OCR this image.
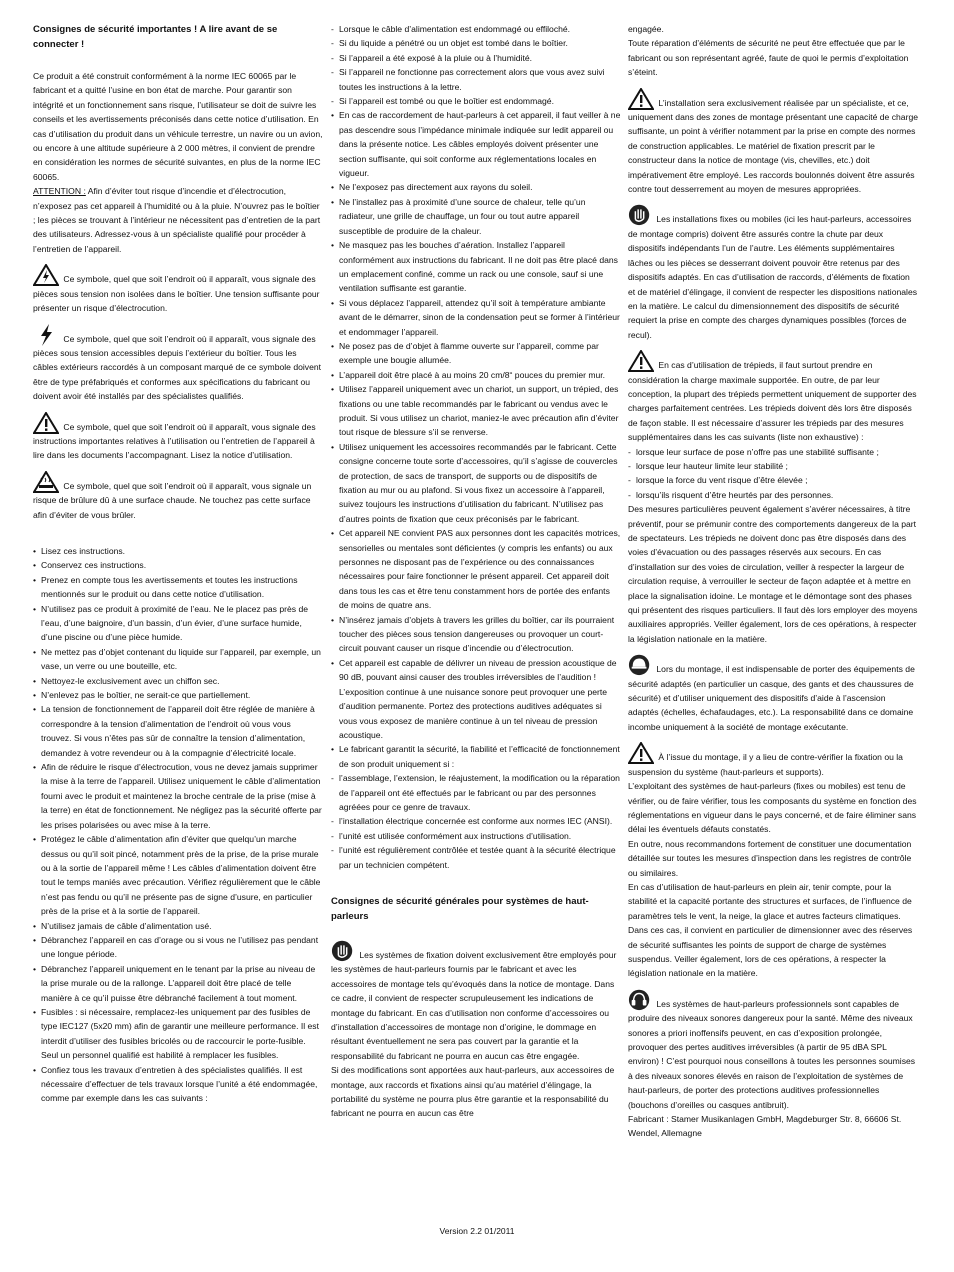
Consignes de sécurité importantes ! A lire avant de se connecter !

Ce produit a été construit conformément à la norme IEC 60065 par le fabricant et a quitté l’usine en bon état de marche. Pour garantir son intégrité et un fonctionnement sans risque, l’utilisateur se doit de suivre les conseils et les avertissements préconisés dans cette notice d’utilisation. En cas d’utilisation du produit dans un véhicule terrestre, un navire ou un avion, ou encore à une altitude supérieure à 2 000 mètres, il convient de prendre en considération les normes de sécurité suivantes, en plus de la norme IEC 60065.

ATTENTION : Afin d’éviter tout risque d’incendie et d’électrocution, n’exposez pas cet appareil à l’humidité ou à la pluie. N’ouvrez pas le boîtier ; les pièces se trouvant à l’intérieur ne nécessitent pas d’entretien de la part des utilisateurs. Adressez-vous à un spécialiste qualifié pour procéder à l’entretien de l’appareil.

Ce symbole, quel que soit l’endroit où il apparaît, vous signale des pièces sous tension non isolées dans le boîtier. Une tension suffisante pour présenter un risque d’électrocution.

Ce symbole, quel que soit l’endroit où il apparaît, vous signale des pièces sous tension accessibles depuis l’extérieur du boîtier. Tous les câbles extérieurs raccordés à un composant marqué de ce symbole doivent être de type préfabriqués et conformes aux spécifications du fabricant ou doivent avoir été installés par des spécialistes qualifiés.

Ce symbole, quel que soit l’endroit où il apparaît, vous signale des instructions importantes relatives à l’utilisation ou l’entretien de l’appareil à lire dans les documents l’accompagnant. Lisez la notice d’utilisation.

Ce symbole, quel que soit l’endroit où il apparaît, vous signale un risque de brûlure dû à une surface chaude. Ne touchez pas cette surface afin d’éviter de vous brûler.

• Lisez ces instructions.
• Conservez ces instructions.
• Prenez en compte tous les avertissements et toutes les instructions mentionnés sur le produit ou dans cette notice d’utilisation.
• N’utilisez pas ce produit à proximité de l’eau. Ne le placez pas près de l’eau, d’une baignoire, d’un bassin, d’un évier, d’une surface humide, d’une piscine ou d’une pièce humide.
• Ne mettez pas d’objet contenant du liquide sur l’appareil, par exemple, un vase, un verre ou une bouteille, etc.
• Nettoyez-le exclusivement avec un chiffon sec.
• N’enlevez pas le boîtier, ne serait-ce que partiellement.
• La tension de fonctionnement de l’appareil doit être réglée de manière à correspondre à la tension d’alimentation de l’endroit où vous vous trouvez. Si vous n’êtes pas sûr de connaître la tension d’alimentation, demandez à votre revendeur ou à la compagnie d’électricité locale.
• Afin de réduire le risque d’électrocution, vous ne devez jamais supprimer la mise à la terre de l’appareil. Utilisez uniquement le câble d’alimentation fourni avec le produit et maintenez la broche centrale de la prise (mise à la terre) en état de fonctionnement. Ne négligez pas la sécurité offerte par les prises polarisées ou avec mise à la terre.
• Protégez le câble d’alimentation afin d’éviter que quelqu’un marche dessus ou qu’il soit pincé, notamment près de la prise, de la prise murale ou à la sortie de l’appareil même ! Les câbles d’alimentation doivent être tout le temps maniés avec précaution. Vérifiez régulièrement que le câble n’est pas fendu ou qu’il ne présente pas de signe d’usure, en particulier près de la prise et à la sortie de l’appareil.
• N’utilisez jamais de câble d’alimentation usé.
• Débranchez l’appareil en cas d’orage ou si vous ne l’utilisez pas pendant une longue période.
• Débranchez l’appareil uniquement en le tenant par la prise au niveau de la prise murale ou de la rallonge. L’appareil doit être placé de telle manière à ce qu’il puisse être débranché facilement à tout moment.
• Fusibles : si nécessaire, remplacez-les uniquement par des fusibles de type IEC127 (5x20 mm) afin de garantir une meilleure performance. Il est interdit d’utiliser des fusibles bricolés ou de raccourcir le porte-fusible. Seul un personnel qualifié est habilité à remplacer les fusibles.
• Confiez tous les travaux d’entretien à des spécialistes qualifiés. Il est nécessaire d’effectuer de tels travaux lorsque l’unité a été endommagée, comme par exemple dans les cas suivants :
- Lorsque le câble d’alimentation est endommagé ou effiloché.
- Si du liquide a pénétré ou un objet est tombé dans le boîtier.
- Si l’appareil a été exposé à la pluie ou à l’humidité.
- Si l’appareil ne fonctionne pas correctement alors que vous avez suivi toutes les instructions à la lettre.
- Si l’appareil est tombé ou que le boîtier est endommagé.
• En cas de raccordement de haut-parleurs à cet appareil, il faut veiller à ne pas descendre sous l’impédance minimale indiquée sur ledit appareil ou dans la présente notice. Les câbles employés doivent présenter une section suffisante, qui soit conforme aux réglementations locales en vigueur.
• Ne l’exposez pas directement aux rayons du soleil.
• Ne l’installez pas à proximité d’une source de chaleur, telle qu’un radiateur, une grille de chauffage, un four ou tout autre appareil susceptible de produire de la chaleur.
• Ne masquez pas les bouches d’aération. Installez l’appareil conformément aux instructions du fabricant. Il ne doit pas être placé dans un emplacement confiné, comme un rack ou une console, sauf si une ventilation suffisante est garantie.
• Si vous déplacez l’appareil, attendez qu’il soit à température ambiante avant de le démarrer, sinon de la condensation peut se former à l’intérieur et endommager l’appareil.
• Ne posez pas de d’objet à flamme ouverte sur l’appareil, comme par exemple une bougie allumée.
• L’appareil doit être placé à au moins 20 cm/8“ pouces du premier mur.
• Utilisez l’appareil uniquement avec un chariot, un support, un trépied, des fixations ou une table recommandés par le fabricant ou vendus avec le produit. Si vous utilisez un chariot, maniez-le avec précaution afin d’éviter tout risque de blessure s’il se renverse.
• Utilisez uniquement les accessoires recommandés par le fabricant. Cette consigne concerne toute sorte d’accessoires, qu’il s’agisse de couvercles de protection, de sacs de transport, de supports ou de dispositifs de fixation au mur ou au plafond. Si vous fixez un accessoire à l’appareil, suivez toujours les instructions d’utilisation du fabricant. N’utilisez pas d’autres points de fixation que ceux préconisés par le fabricant.
• Cet appareil NE convient PAS aux personnes dont les capacités motrices, sensorielles ou mentales sont déficientes (y compris les enfants) ou aux personnes ne disposant pas de l’expérience ou des connaissances nécessaires pour faire fonctionner le présent appareil. Cet appareil doit dans tous les cas et être tenu constamment hors de portée des enfants de moins de quatre ans.
• N’insérez jamais d’objets à travers les grilles du boîtier, car ils pourraient toucher des pièces sous tension dangereuses ou provoquer un court-circuit pouvant causer un risque d’incendie ou d’électrocution.
• Cet appareil est capable de délivrer un niveau de pression acoustique de 90 dB, pouvant ainsi causer des troubles irréversibles de l’audition ! L’exposition continue à une nuisance sonore peut provoquer une perte d’audition permanente. Portez des protections auditives adéquates si vous vous exposez de manière continue à un tel niveau de pression acoustique.
• Le fabricant garantit la sécurité, la fiabilité et l’efficacité de fonctionnement de son produit uniquement si :
- l’assemblage, l’extension, le réajustement, la modification ou la réparation de l’appareil ont été effectués par le fabricant ou par des personnes agréées pour ce genre de travaux.
- l’installation électrique concernée est conforme aux normes IEC (ANSI).
- l’unité est utilisée conformément aux instructions d’utilisation.
- l’unité est régulièrement contrôlée et testée quant à la sécurité électrique par un technicien compétent.
Consignes de sécurité générales pour systèmes de haut-parleurs

Les systèmes de fixation doivent exclusivement être employés pour les systèmes de haut-parleurs fournis par le fabricant et avec les accessoires de montage tels qu’évoqués dans la notice de montage. Dans ce cadre, il convient de respecter scrupuleusement les indications de montage du fabricant. En cas d’utilisation non conforme d’accessoires ou d’installation d’accessoires de montage non d’origine, le dommage en résultant éventuellement ne sera pas couvert par la garantie et la responsabilité du fabricant ne pourra en aucun cas être engagée.

Si des modifications sont apportées aux haut-parleurs, aux accessoires de montage, aux raccords et fixations ainsi qu’au matériel d’élingage, la portabilité du système ne pourra plus être garantie et la responsabilité du fabricant ne pourra en aucun cas être

engagée.

Toute réparation d’éléments de sécurité ne peut être effectuée que par le fabricant ou son représentant agréé, faute de quoi le permis d’exploitation s’éteint.

L’installation sera exclusivement réalisée par un spécialiste, et ce, uniquement dans des zones de montage présentant une capacité de charge suffisante, un point à vérifier notamment par la prise en compte des normes de construction applicables. Le matériel de fixation prescrit par le constructeur dans la notice de montage (vis, chevilles, etc.) doit impérativement être employé. Les raccords boulonnés doivent être assurés contre tout desserrement au moyen de mesures appropriées.

Les installations fixes ou mobiles (ici les haut-parleurs, accessoires de montage compris) doivent être assurés contre la chute par deux dispositifs indépendants l’un de l’autre. Les éléments supplémentaires lâches ou les pièces se desserrant doivent pouvoir être retenus par des dispositifs adaptés. En cas d’utilisation de raccords, d’éléments de fixation et de matériel d’élingage, il convient de respecter les dispositions nationales en la matière. Le calcul du dimensionnement des dispositifs de sécurité requiert la prise en compte des charges dynamiques possibles (forces de recul).

En cas d’utilisation de trépieds, il faut surtout prendre en considération la charge maximale supportée. En outre, de par leur conception, la plupart des trépieds permettent uniquement de supporter des charges parfaitement centrées. Les trépieds doivent dès lors être disposés de façon stable. Il est nécessaire d’assurer les trépieds par des mesures supplémentaires dans les cas suivants (liste non exhaustive) :

- lorsque leur surface de pose n’offre pas une stabilité suffisante ;
- lorsque leur hauteur limite leur stabilité ;
- lorsque la force du vent risque d’être élevée ;
- lorsqu’ils risquent d’être heurtés par des personnes.

Des mesures particulières peuvent également s’avérer nécessaires, à titre préventif, pour se prémunir contre des comportements dangereux de la part de spectateurs. Les trépieds ne doivent donc pas être disposés dans des voies d’évacuation ou des passages réservés aux secours. En cas d’installation sur des voies de circulation, veiller à respecter la largeur de circulation requise, à verrouiller le secteur de façon adaptée et à mettre en place la signalisation idoine. Le montage et le démontage sont des phases qui présentent des risques particuliers. Il faut dès lors employer des moyens auxiliaires appropriés. Veiller également, lors de ces opérations, à respecter la législation nationale en la matière.

Lors du montage, il est indispensable de porter des équipements de sécurité adaptés (en particulier un casque, des gants et des chaussures de sécurité) et d’utiliser uniquement des dispositifs d’aide à l’ascension adaptés (échelles, échafaudages, etc.). La responsabilité dans ce domaine incombe uniquement à la société de montage exécutante.

À l’issue du montage, il y a lieu de contre-vérifier la fixation ou la suspension du système (haut-parleurs et supports).

L’exploitant des systèmes de haut-parleurs (fixes ou mobiles) est tenu de vérifier, ou de faire vérifier, tous les composants du système en fonction des réglementations en vigueur dans le pays concerné, et de faire éliminer sans délai les éventuels défauts constatés.

En outre, nous recommandons fortement de constituer une documentation détaillée sur toutes les mesures d’inspection dans les registres de contrôle ou similaires.

En cas d’utilisation de haut-parleurs en plein air, tenir compte, pour la stabilité et la capacité portante des structures et surfaces, de l’influence de paramètres tels le vent, la neige, la glace et autres facteurs climatiques. Dans ces cas, il convient en particulier de dimensionner avec des réserves de sécurité suffisantes les points de support de charge de systèmes suspendus. Veiller également, lors de ces opérations, à respecter la législation nationale en la matière.

Les systèmes de haut-parleurs professionnels sont capables de produire des niveaux sonores dangereux pour la santé. Même des niveaux sonores a priori inoffensifs peuvent, en cas d’exposition prolongée, provoquer des pertes auditives irréversibles (à partir de 95 dBA SPL environ) ! C’est pourquoi nous conseillons à toutes les personnes soumises à des niveaux sonores élevés en raison de l’exploitation de systèmes de haut-parleurs, de porter des protections auditives professionnelles (bouchons d’oreilles ou casques antibruit).

Fabricant : Stamer Musikanlagen GmbH, Magdeburger Str. 8, 66606 St. Wendel, Allemagne

Version 2.2 01/2011
